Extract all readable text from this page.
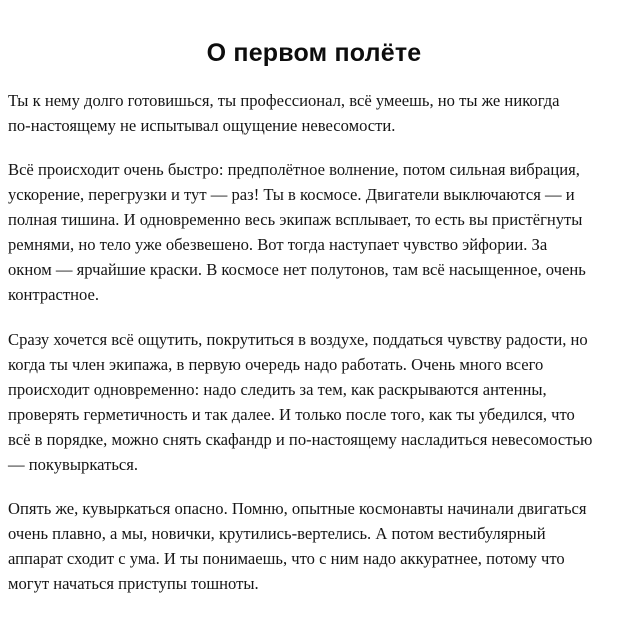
О первом полёте

Ты к нему долго готовишься, ты профессионал, всё умеешь, но ты же никогда
по-настоящему не испытывал ощущение невесомости.

Всё происходит очень быстро: предполётное волнение, потом сильная вибрация,
ускорение, перегрузки и тут — раз! Ты в космосе. Двигатели выключаются — и
полная тишина. И одновременно весь экипаж всплывает, то есть вы пристёгнуты
ремнями, но тело уже обезвешено. Вот тогда наступает чувство эйфории. За
окном — ярчайшие краски. В космосе нет полутонов, там всё насыщенное, очень
контрастное.

Сразу хочется всё ощутить, покрутиться в воздухе, поддаться чувству радости, но
когда ты член экипажа, в первую очередь надо работать. Очень много всего
происходит одновременно: надо следить за тем, как раскрываются антенны,
проверять герметичность и так далее. И только после того, как ты убедился, что
всё в порядке, можно снять скафандр и по-настоящему насладиться невесомостью
— покувыркаться.

Опять же, кувыркаться опасно. Помню, опытные космонавты начинали двигаться
очень плавно, а мы, новички, крутились-вертелись. А потом вестибулярный
аппарат сходит с ума. И ты понимаешь, что с ним надо аккуратнее, потому что
могут начаться приступы тошноты.
